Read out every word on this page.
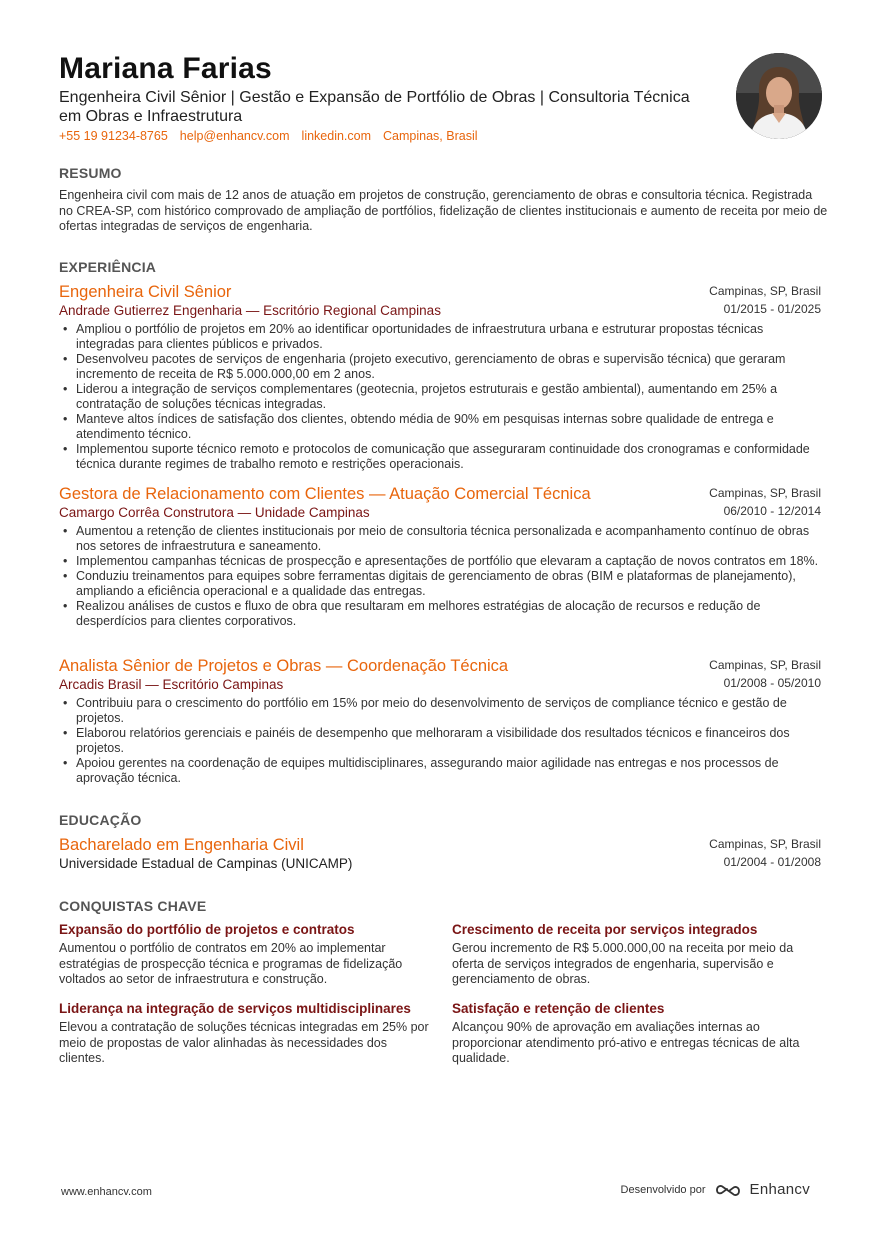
Mariana Farias
Engenheira Civil Sênior | Gestão e Expansão de Portfólio de Obras | Consultoria Técnica em Obras e Infraestrutura
+55 19 91234-8765 help@enhancv.com linkedin.com Campinas, Brasil
RESUMO
Engenheira civil com mais de 12 anos de atuação em projetos de construção, gerenciamento de obras e consultoria técnica. Registrada no CREA-SP, com histórico comprovado de ampliação de portfólios, fidelização de clientes institucionais e aumento de receita por meio de ofertas integradas de serviços de engenharia.
EXPERIÊNCIA
Engenheira Civil Sênior
Andrade Gutierrez Engenharia — Escritório Regional Campinas
Campinas, SP, Brasil
01/2015 - 01/2025
• Ampliou o portfólio de projetos em 20% ao identificar oportunidades de infraestrutura urbana e estruturar propostas técnicas integradas para clientes públicos e privados.
• Desenvolveu pacotes de serviços de engenharia (projeto executivo, gerenciamento de obras e supervisão técnica) que geraram incremento de receita de R$ 5.000.000,00 em 2 anos.
• Liderou a integração de serviços complementares (geotecnia, projetos estruturais e gestão ambiental), aumentando em 25% a contratação de soluções técnicas integradas.
• Manteve altos índices de satisfação dos clientes, obtendo média de 90% em pesquisas internas sobre qualidade de entrega e atendimento técnico.
• Implementou suporte técnico remoto e protocolos de comunicação que asseguraram continuidade dos cronogramas e conformidade técnica durante regimes de trabalho remoto e restrições operacionais.
Gestora de Relacionamento com Clientes — Atuação Comercial Técnica
Camargo Corrêa Construtora — Unidade Campinas
Campinas, SP, Brasil
06/2010 - 12/2014
• Aumentou a retenção de clientes institucionais por meio de consultoria técnica personalizada e acompanhamento contínuo de obras nos setores de infraestrutura e saneamento.
• Implementou campanhas técnicas de prospecção e apresentações de portfólio que elevaram a captação de novos contratos em 18%.
• Conduziu treinamentos para equipes sobre ferramentas digitais de gerenciamento de obras (BIM e plataformas de planejamento), ampliando a eficiência operacional e a qualidade das entregas.
• Realizou análises de custos e fluxo de obra que resultaram em melhores estratégias de alocação de recursos e redução de desperdícios para clientes corporativos.
Analista Sênior de Projetos e Obras — Coordenação Técnica
Arcadis Brasil — Escritório Campinas
Campinas, SP, Brasil
01/2008 - 05/2010
• Contribuiu para o crescimento do portfólio em 15% por meio do desenvolvimento de serviços de compliance técnico e gestão de projetos.
• Elaborou relatórios gerenciais e painéis de desempenho que melhoraram a visibilidade dos resultados técnicos e financeiros dos projetos.
• Apoiou gerentes na coordenação de equipes multidisciplinares, assegurando maior agilidade nas entregas e nos processos de aprovação técnica.
EDUCAÇÃO
Bacharelado em Engenharia Civil
Universidade Estadual de Campinas (UNICAMP)
Campinas, SP, Brasil
01/2004 - 01/2008
CONQUISTAS CHAVE
Expansão do portfólio de projetos e contratos
Aumentou o portfólio de contratos em 20% ao implementar estratégias de prospecção técnica e programas de fidelização voltados ao setor de infraestrutura e construção.
Crescimento de receita por serviços integrados
Gerou incremento de R$ 5.000.000,00 na receita por meio da oferta de serviços integrados de engenharia, supervisão e gerenciamento de obras.
Liderança na integração de serviços multidisciplinares
Elevou a contratação de soluções técnicas integradas em 25% por meio de propostas de valor alinhadas às necessidades dos clientes.
Satisfação e retenção de clientes
Alcançou 90% de aprovação em avaliações internas ao proporcionar atendimento pró-ativo e entregas técnicas de alta qualidade.
www.enhancv.com	Desenvolvido por	Enhancv
